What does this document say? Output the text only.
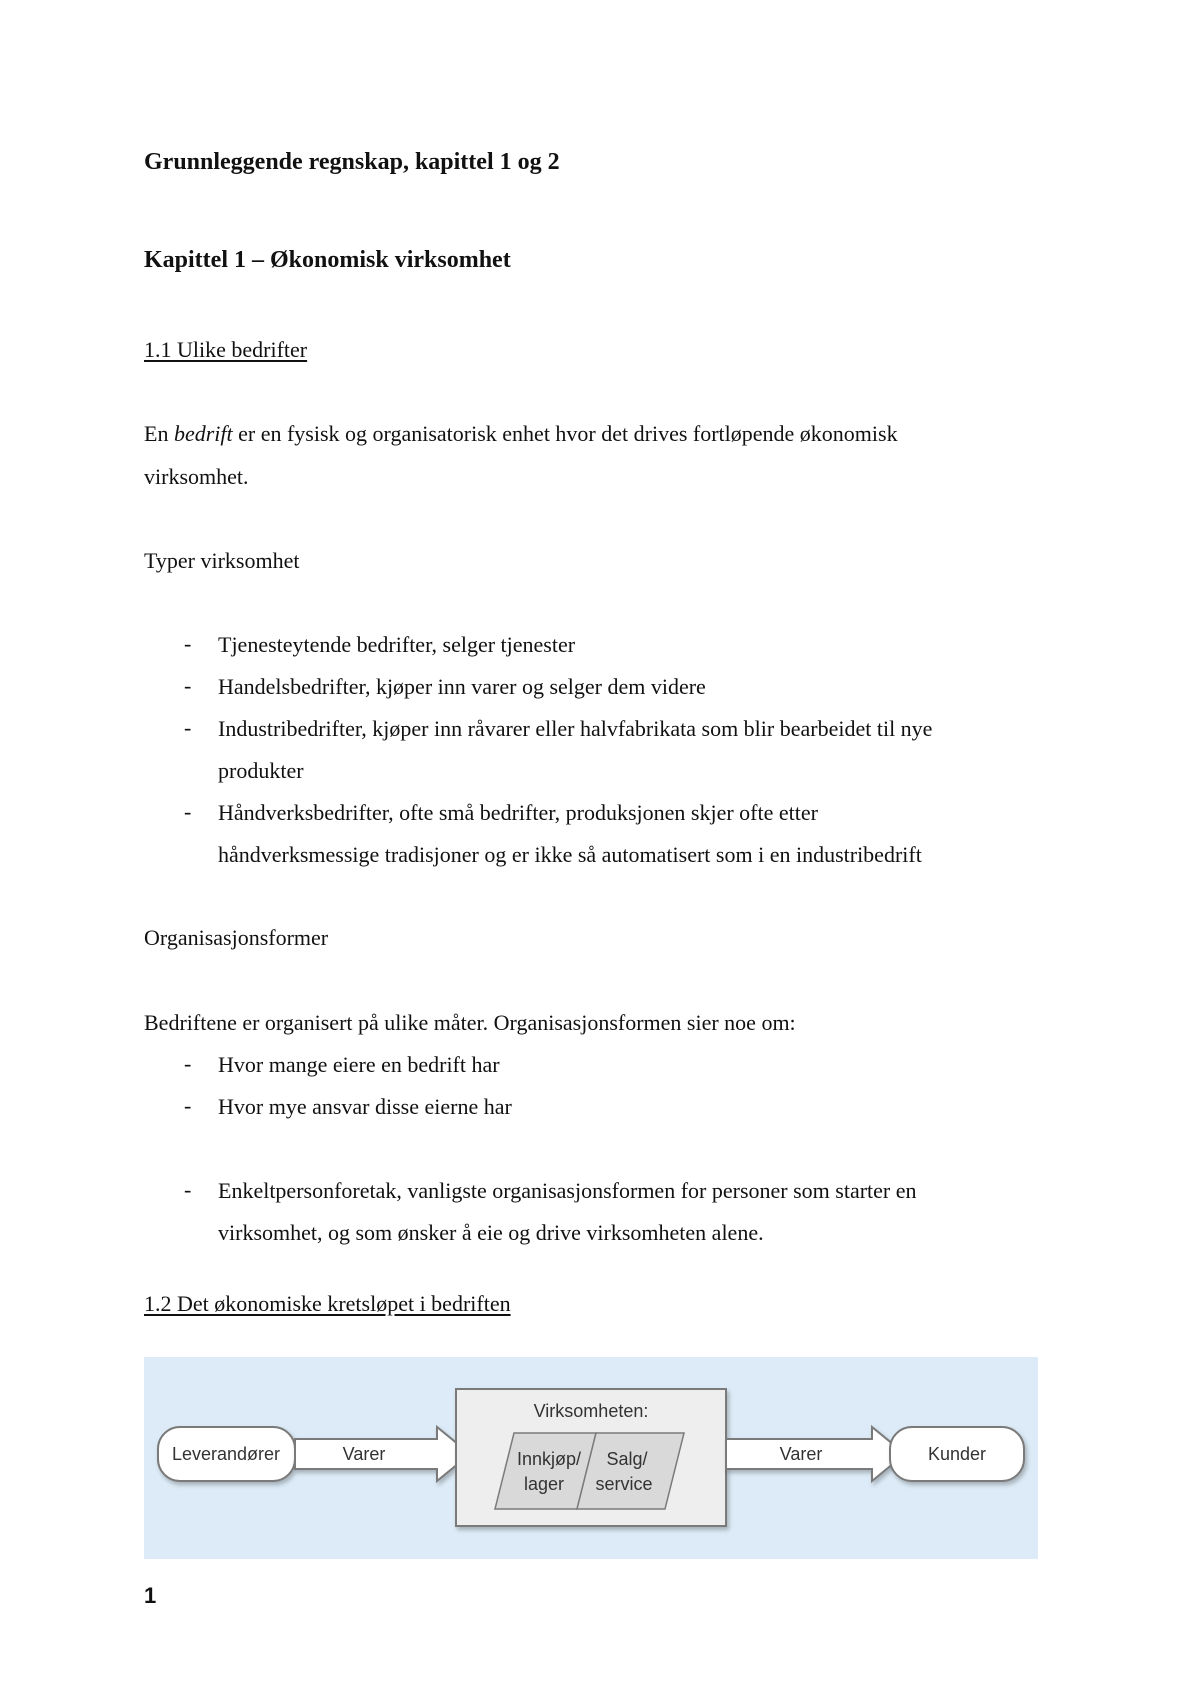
Grunnleggende regnskap, kapittel 1 og 2
Kapittel 1 – Økonomisk virksomhet
1.1 Ulike bedrifter
En bedrift er en fysisk og organisatorisk enhet hvor det drives fortløpende økonomisk
virksomhet.
Typer virksomhet
- Tjenesteytende bedrifter, selger tjenester
- Handelsbedrifter, kjøper inn varer og selger dem videre
- Industribedrifter, kjøper inn råvarer eller halvfabrikata som blir bearbeidet til nye
produkter
- Håndverksbedrifter, ofte små bedrifter, produksjonen skjer ofte etter
håndverksmessige tradisjoner og er ikke så automatisert som i en industribedrift
Organisasjonsformer
Bedriftene er organisert på ulike måter. Organisasjonsformen sier noe om:
- Hvor mange eiere en bedrift har
- Hvor mye ansvar disse eierne har
- Enkeltpersonforetak, vanligste organisasjonsformen for personer som starter en
virksomhet, og som ønsker å eie og drive virksomheten alene.
1.2 Det økonomiske kretsløpet i bedriften
Leverandører	Varer
Virksomheten:
Innkjøp/
lager
Salg/
service
Varer	Kunder
1
